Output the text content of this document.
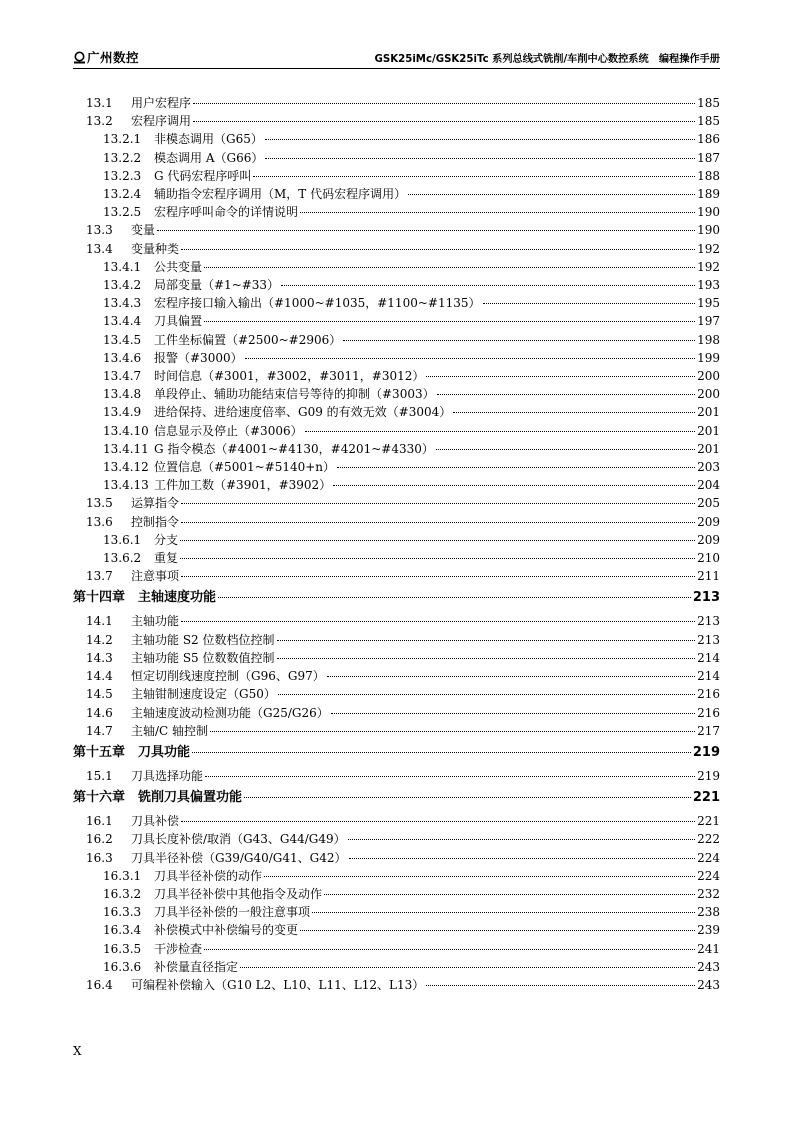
广州数控	GSK25iMc/GSK25iTc 系列总线式铣削/车削中心数控系统　编程操作手册
13.1	用户宏程序	185
13.2	宏程序调用	185
13.2.1	非模态调用（G65）	186
13.2.2	模态调用 A（G66）	187
13.2.3	G 代码宏程序呼叫	188
13.2.4	辅助指令宏程序调用（M，T 代码宏程序调用）	189
13.2.5	宏程序呼叫命令的详情说明	190
13.3	变量	190
13.4	变量种类	192
13.4.1	公共变量	192
13.4.2	局部变量（#1~#33）	193
13.4.3	宏程序接口输入输出（#1000~#1035，#1100~#1135）	195
13.4.4	刀具偏置	197
13.4.5	工件坐标偏置（#2500~#2906）	198
13.4.6	报警（#3000）	199
13.4.7	时间信息（#3001，#3002，#3011，#3012）	200
13.4.8	单段停止、辅助功能结束信号等待的抑制（#3003）	200
13.4.9	进给保持、进给速度倍率、G09 的有效无效（#3004）	201
13.4.10 信息显示及停止（#3006）	201
13.4.11 G 指令模态（#4001~#4130，#4201~#4330）	201
13.4.12 位置信息（#5001~#5140+n）	203
13.4.13 工件加工数（#3901，#3902）	204
13.5	运算指令	205
13.6	控制指令	209
13.6.1	分支	209
13.6.2	重复	210
13.7	注意事项	211
第十四章　主轴速度功能	213
14.1	主轴功能	213
14.2	主轴功能 S2 位数档位控制	213
14.3	主轴功能 S5 位数数值控制	214
14.4	恒定切削线速度控制（G96、G97）	214
14.5	主轴钳制速度设定（G50）	216
14.6	主轴速度波动检测功能（G25/G26）	216
14.7	主轴/C 轴控制	217
第十五章　刀具功能	219
15.1	刀具选择功能	219
第十六章　铣削刀具偏置功能	221
16.1	刀具补偿	221
16.2	刀具长度补偿/取消（G43、G44/G49）	222
16.3	刀具半径补偿（G39/G40/G41、G42）	224
16.3.1	刀具半径补偿的动作	224
16.3.2	刀具半径补偿中其他指令及动作	232
16.3.3	刀具半径补偿的一般注意事项	238
16.3.4	补偿模式中补偿编号的变更	239
16.3.5	干涉检查	241
16.3.6	补偿量直径指定	243
16.4	可编程补偿输入（G10 L2、L10、L11、L12、L13）	243
X
